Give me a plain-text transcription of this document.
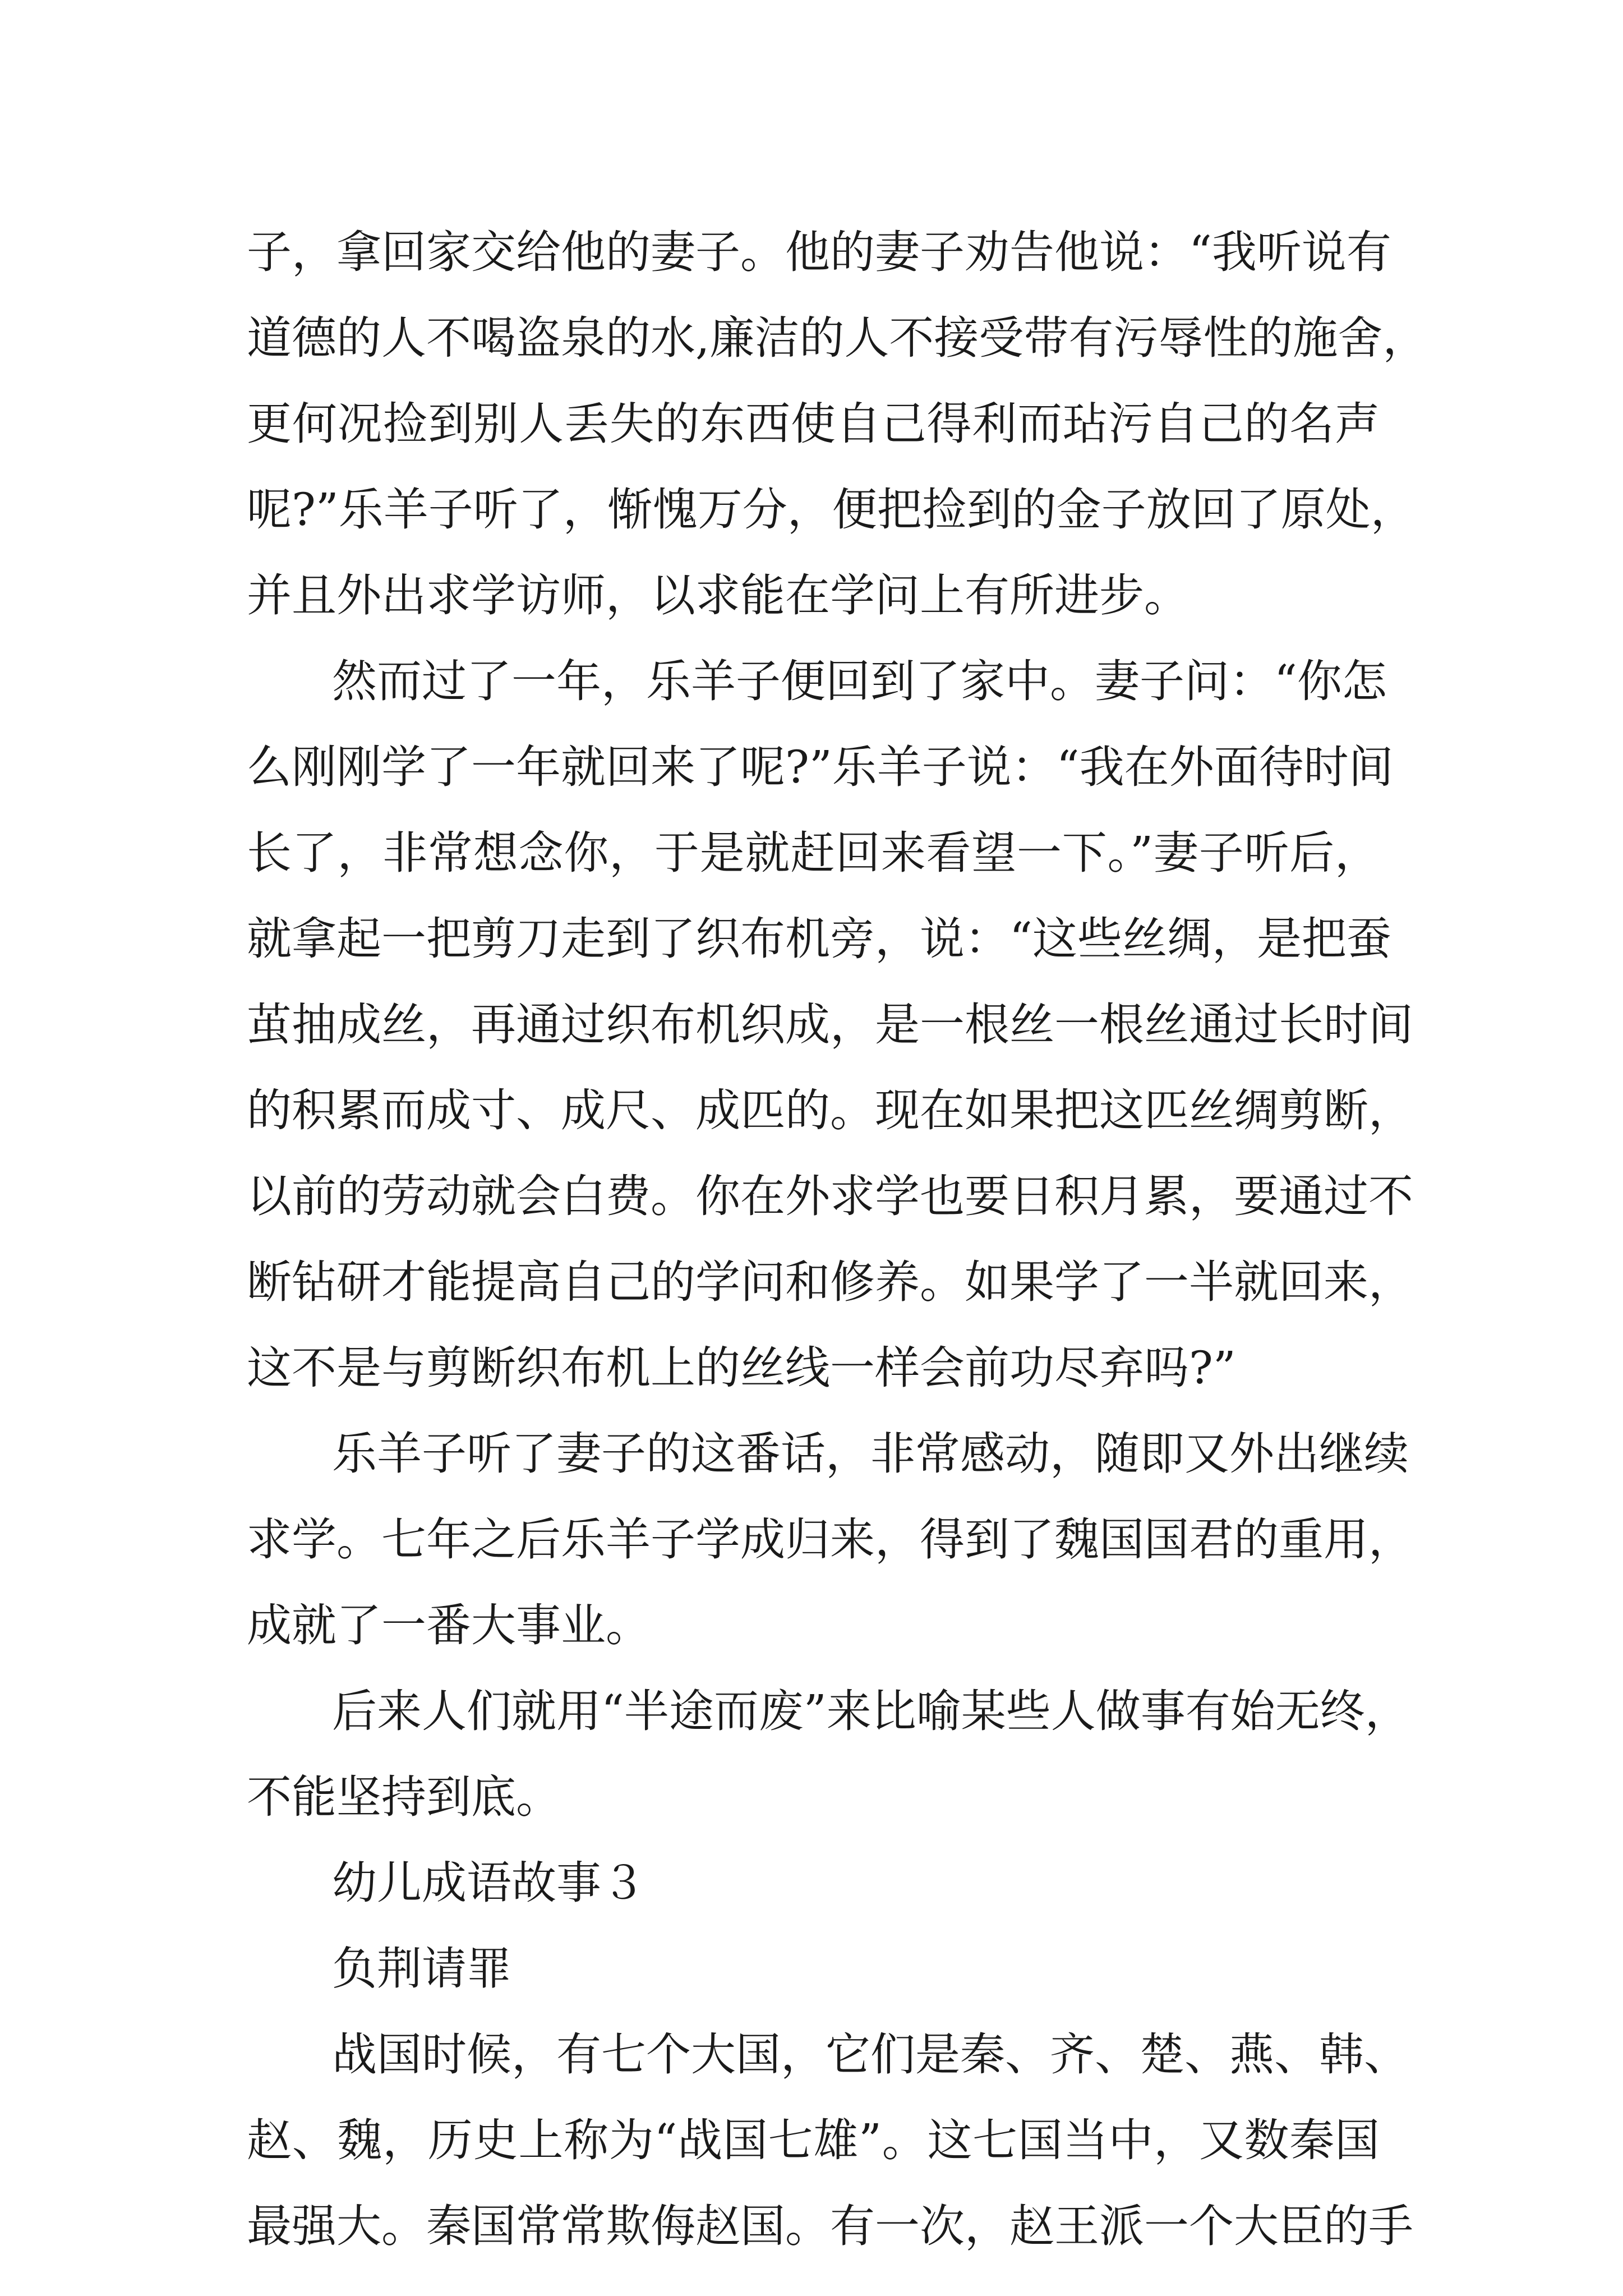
子，拿回家交给他的妻子。他的妻子劝告他说：“我听说有
道德的人不喝盗泉的水,廉洁的人不接受带有污辱性的施舍，
更何况捡到别人丢失的东西使自己得利而玷污自己的名声
呢?”乐羊子听了，惭愧万分，便把捡到的金子放回了原处，
并且外出求学访师，以求能在学问上有所进步。
然而过了一年，乐羊子便回到了家中。妻子问：“你怎
么刚刚学了一年就回来了呢?”乐羊子说：“我在外面待时间
长了，非常想念你，于是就赶回来看望一下。”妻子听后，
就拿起一把剪刀走到了织布机旁，说：“这些丝绸，是把蚕
茧抽成丝，再通过织布机织成，是一根丝一根丝通过长时间
的积累而成寸、成尺、成匹的。现在如果把这匹丝绸剪断，
以前的劳动就会白费。你在外求学也要日积月累，要通过不
断钻研才能提高自己的学问和修养。如果学了一半就回来，
这不是与剪断织布机上的丝线一样会前功尽弃吗?”
乐羊子听了妻子的这番话，非常感动，随即又外出继续
求学。七年之后乐羊子学成归来，得到了魏国国君的重用，
成就了一番大事业。
后来人们就用“半途而废”来比喻某些人做事有始无终，
不能坚持到底。
幼儿成语故事３
负荆请罪
战国时候，有七个大国，它们是秦、齐、楚、燕、韩、
赵、魏，历史上称为“战国七雄”。这七国当中，又数秦国
最强大。秦国常常欺侮赵国。有一次，赵王派一个大臣的手
